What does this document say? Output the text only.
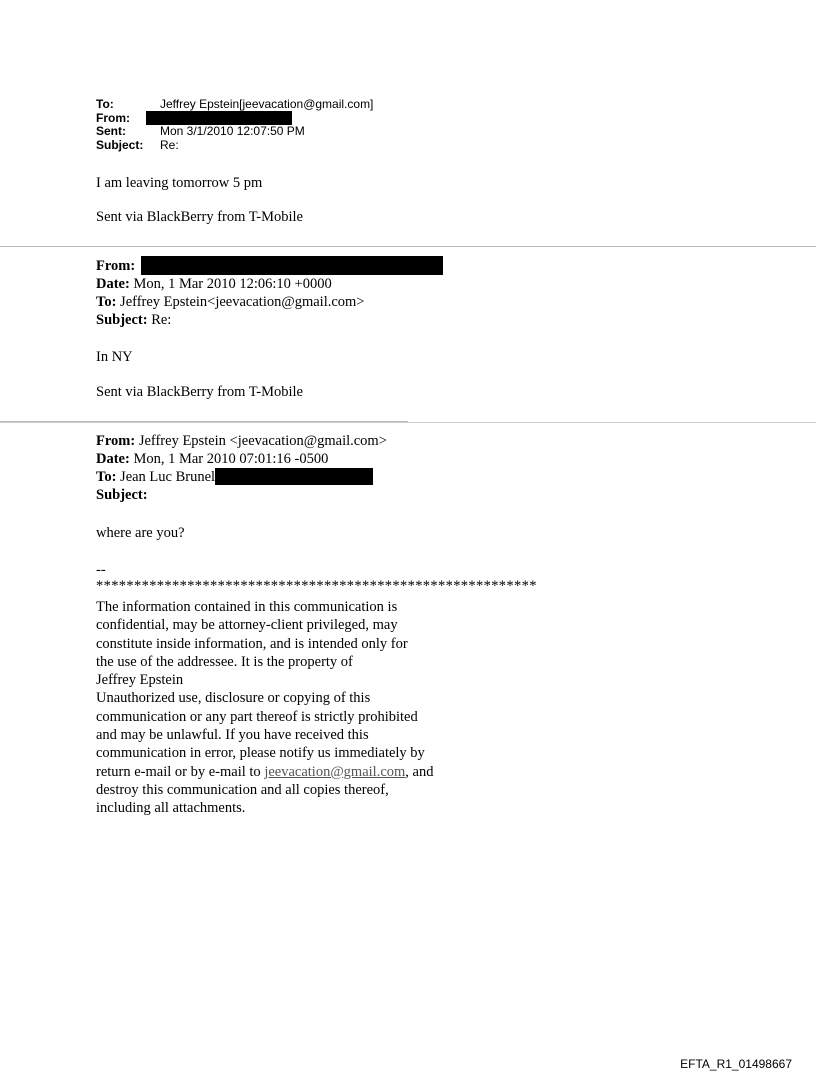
To:	Jeffrey Epstein[jeevacation@gmail.com]
From:
Sent:	Mon 3/1/2010 12:07:50 PM
Subject: Re:
I am leaving tomorrow 5 pm
Sent via BlackBerry from T-Mobile
From:
Date: Mon, 1 Mar 2010 12:06:10 +0000
To: Jeffrey Epstein<jeevacation@gmail.com>
Subject: Re:
In NY
Sent via BlackBerry from T-Mobile
From: Jeffrey Epstein <jeevacation@gmail.com>
Date: Mon, 1 Mar 2010 07:01:16 -0500
To: Jean Luc Brunel
Subject:
where are you?
--
**********************************************************
The information contained in this communication is
confidential, may be attorney-client privileged, may
constitute inside information, and is intended only for
the use of the addressee. It is the property of
Jeffrey Epstein
Unauthorized use, disclosure or copying of this
communication or any part thereof is strictly prohibited
and may be unlawful. If you have received this
communication in error, please notify us immediately by
return e-mail or by e-mail to jeevacation@gmail.com, and
destroy this communication and all copies thereof,
including all attachments.
EFTA_R1_01498667
